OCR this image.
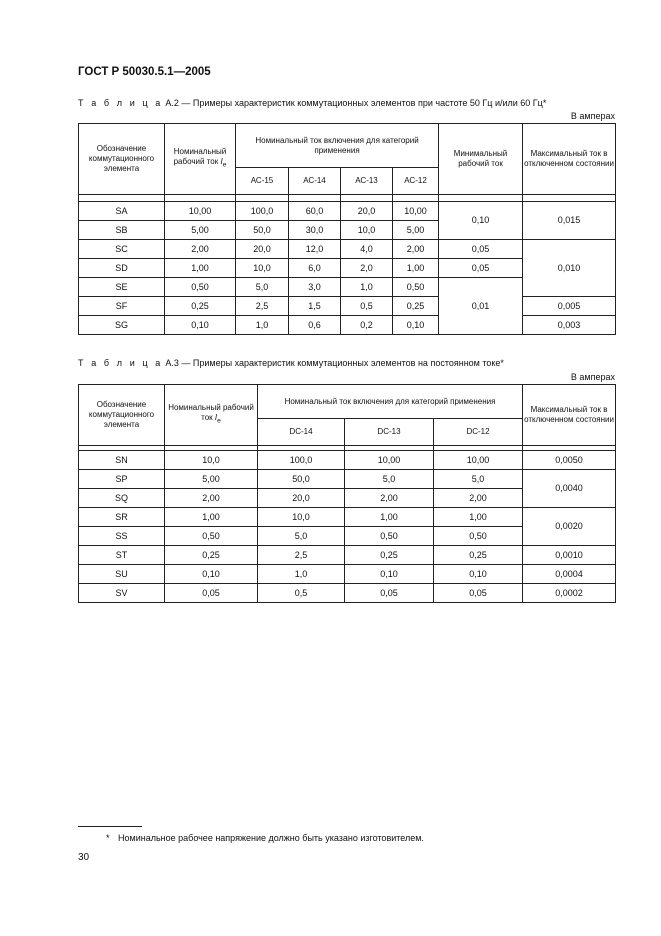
ГОСТ Р 50030.5.1—2005
Т а б л и ц а А.2 — Примеры характеристик коммутационных элементов при частоте 50 Гц и/или 60 Гц*
В амперах
Обозначение коммутационного элемента	Номинальный рабочий ток $I_e$	Номинальный ток включения для категорий применения				Минимальный рабочий ток	Максимальный ток в отключенном состоянии
		АС-15	АС-14	АС-13	АС-12		

SA	10,00	100,0	60,0	20,0	10,00	0,10	0,015
SB	5,00	50,0	30,0	10,0	5,00		
SC	2,00	20,0	12,0	4,0	2,00	0,05	0,010
SD	1,00	10,0	6,0	2,0	1,00	0,05	
SE	0,50	5,0	3,0	1,0	0,50	0,01	
SF	0,25	2,5	1,5	0,5	0,25		0,005
SG	0,10	1,0	0,6	0,2	0,10		0,003
Т а б л и ц а А.3 — Примеры характеристик коммутационных элементов на постоянном токе*
В амперах
Обозначение коммутационного элемента	Номинальный рабочий ток $I_e$	Номинальный ток включения для категорий применения			Максимальный ток в отключенном состоянии
		DC-14	DC-13	DC-12	

SN	10,0	100,0	10,00	10,00	0,0050
SP	5,00	50,0	5,0	5,0	0,0040
SQ	2,00	20,0	2,00	2,00	
SR	1,00	10,0	1,00	1,00	0,0020
SS	0,50	5,0	0,50	0,50	
ST	0,25	2,5	0,25	0,25	0,0010
SU	0,10	1,0	0,10	0,10	0,0004
SV	0,05	0,5	0,05	0,05	0,0002
* Номинальное рабочее напряжение должно быть указано изготовителем.
30
